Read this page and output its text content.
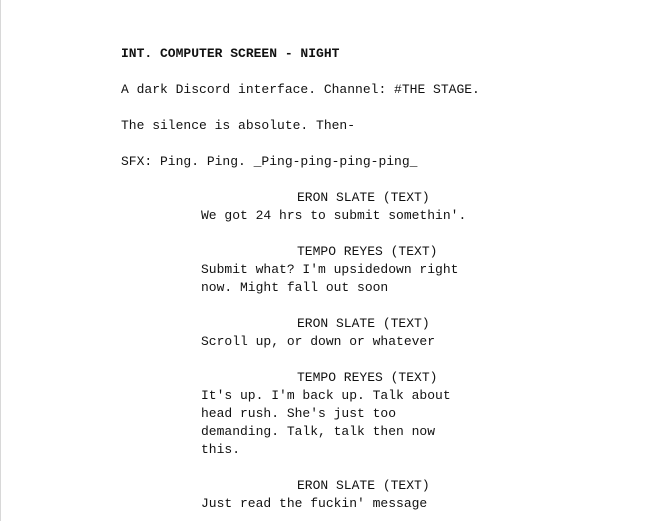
INT. COMPUTER SCREEN - NIGHT

A dark Discord interface. Channel: #THE STAGE.

The silence is absolute. Then-

SFX: Ping. Ping. _Ping-ping-ping-ping_

ERON SLATE (TEXT)

We got 24 hrs to submit somethin'.

TEMPO REYES (TEXT)

Submit what? I'm upsidedown right

now. Might fall out soon

ERON SLATE (TEXT)

Scroll up, or down or whatever

TEMPO REYES (TEXT)

It's up. I'm back up. Talk about

head rush. She's just too

demanding. Talk, talk then now

this.

ERON SLATE (TEXT)

Just read the fuckin' message
